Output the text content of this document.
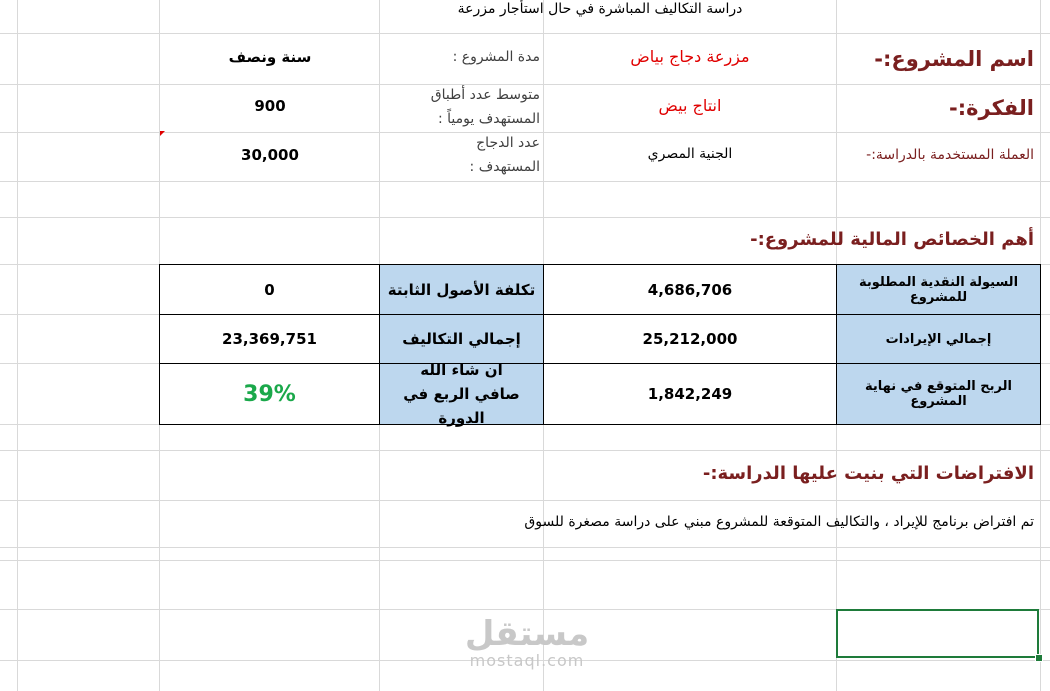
دراسة التكاليف المباشرة في حال استأجار مزرعة
اسم المشروع:-
مزرعة دجاج بياض
مدة المشروع :
سنة ونصف
الفكرة:-
انتاج بيض
متوسط عدد أطباق
المستهدف يومياً :
900
العملة المستخدمة بالدراسة:-
الجنية المصري
عدد الدجاج
المستهدف :
30,000
أهم الخصائص المالية للمشروع:-
السيولة النقدية المطلوبة للمشروع
4,686,706
تكلفة الأصول الثابتة
0
إجمالي الإيرادات
25,212,000
إجمالي التكاليف
23,369,751
الربح المتوقع في نهاية المشروع
1,842,249
ان شاء الله
صافي الربع في الدورة
39%
الافتراضات التي بنيت عليها الدراسة:-
تم افتراض برنامج للإيراد ، والتكاليف المتوقعة للمشروع مبني على دراسة مصغرة للسوق
مستقل
mostaql.com
